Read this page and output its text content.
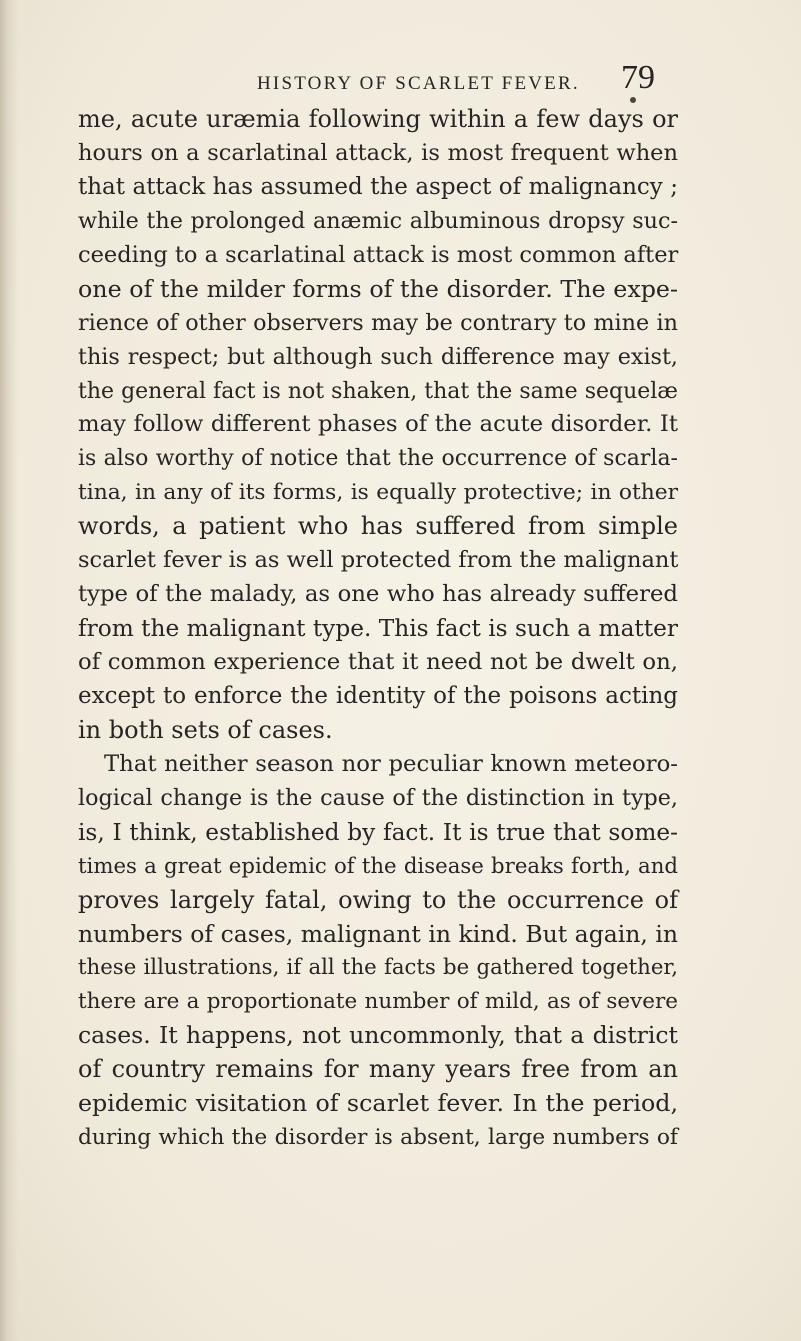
HISTORY OF SCARLET FEVER. 79
me, acute uræmia following within a few days or
hours on a scarlatinal attack, is most frequent when
that attack has assumed the aspect of malignancy ;
while the prolonged anæmic albuminous dropsy suc-
ceeding to a scarlatinal attack is most common after
one of the milder forms of the disorder. The expe-
rience of other observers may be contrary to mine in
this respect; but although such difference may exist,
the general fact is not shaken, that the same sequelæ
may follow different phases of the acute disorder. It
is also worthy of notice that the occurrence of scarla-
tina, in any of its forms, is equally protective; in other
words, a patient who has suffered from simple
scarlet fever is as well protected from the malignant
type of the malady, as one who has already suffered
from the malignant type. This fact is such a matter
of common experience that it need not be dwelt on,
except to enforce the identity of the poisons acting
in both sets of cases.
That neither season nor peculiar known meteoro-
logical change is the cause of the distinction in type,
is, I think, established by fact. It is true that some-
times a great epidemic of the disease breaks forth, and
proves largely fatal, owing to the occurrence of
numbers of cases, malignant in kind. But again, in
these illustrations, if all the facts be gathered together,
there are a proportionate number of mild, as of severe
cases. It happens, not uncommonly, that a district
of country remains for many years free from an
epidemic visitation of scarlet fever. In the period,
during which the disorder is absent, large numbers of
